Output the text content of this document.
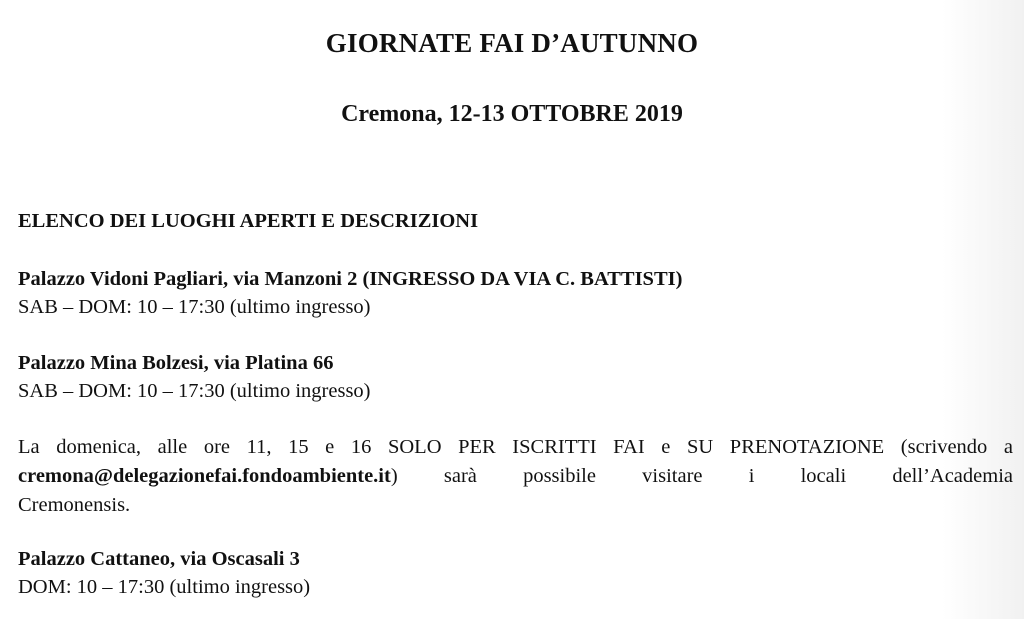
GIORNATE FAI D’AUTUNNO
Cremona, 12-13 OTTOBRE 2019
ELENCO DEI LUOGHI APERTI E DESCRIZIONI
Palazzo Vidoni Pagliari, via Manzoni 2 (INGRESSO DA VIA C. BATTISTI)
SAB – DOM: 10 – 17:30 (ultimo ingresso)
Palazzo Mina Bolzesi, via Platina 66
SAB – DOM: 10 – 17:30 (ultimo ingresso)
La domenica, alle ore 11, 15 e 16 SOLO PER ISCRITTI FAI e SU PRENOTAZIONE (scrivendo a
cremona@delegazionefai.fondoambiente.it) sarà possibile visitare i locali dell’Academia
Cremonensis.
Palazzo Cattaneo, via Oscasali 3
DOM: 10 – 17:30 (ultimo ingresso)
